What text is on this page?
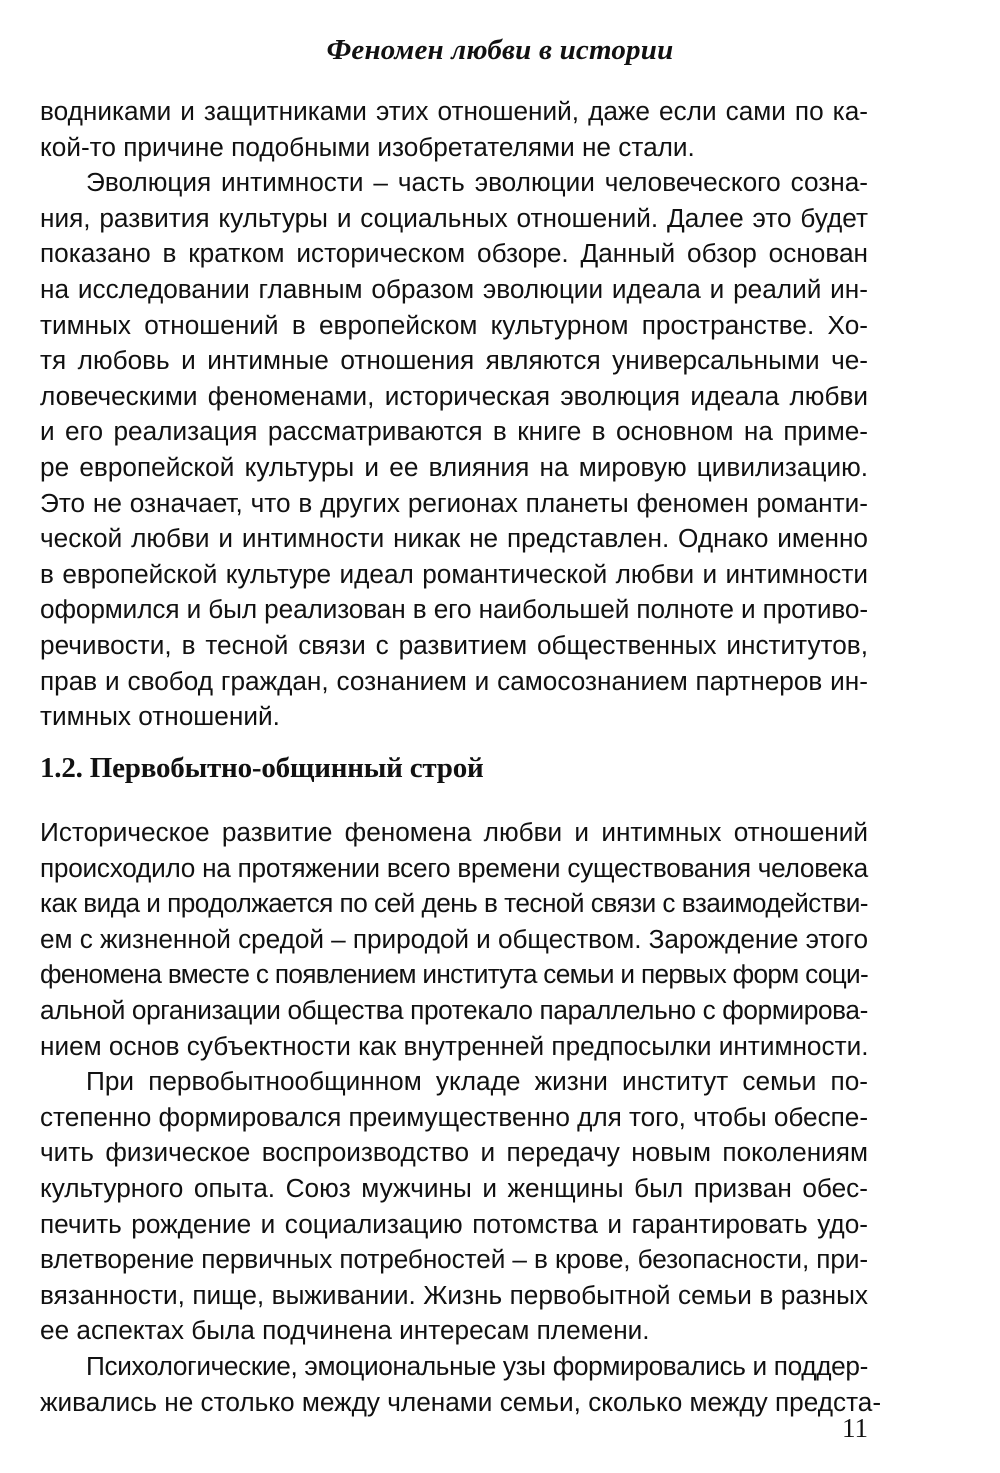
Феномен любви в истории
водниками и защитниками этих отношений, даже если сами по ка-
кой-то причине подобными изобретателями не стали.
Эволюция интимности – часть эволюции человеческого созна-
ния, развития культуры и социальных отношений. Далее это будет
показано в кратком историческом обзоре. Данный обзор основан
на исследовании главным образом эволюции идеала и реалий ин-
тимных отношений в европейском культурном пространстве. Хо-
тя любовь и интимные отношения являются универсальными че-
ловеческими феноменами, историческая эволюция идеала любви
и его реализация рассматриваются в книге в основном на приме-
ре европейской культуры и ее влияния на мировую цивилизацию.
Это не означает, что в других регионах планеты феномен романти-
ческой любви и интимности никак не представлен. Однако именно
в европейской культуре идеал романтической любви и интимности
оформился и был реализован в его наибольшей полноте и противо-
речивости, в тесной связи с развитием общественных институтов,
прав и свобод граждан, сознанием и самосознанием партнеров ин-
тимных отношений.
1.2. Первобытно-общинный строй
Историческое развитие феномена любви и интимных отношений
происходило на протяжении всего времени существования человека
как вида и продолжается по сей день в тесной связи с взаимодействи-
ем с жизненной средой – природой и обществом. Зарождение этого
феномена вместе с появлением института семьи и первых форм соци-
альной организации общества протекало параллельно с формирова-
нием основ субъектности как внутренней предпосылки интимности.
При первобытнообщинном укладе жизни институт семьи по-
степенно формировался преимущественно для того, чтобы обеспе-
чить физическое воспроизводство и передачу новым поколениям
культурного опыта. Союз мужчины и женщины был призван обес-
печить рождение и социализацию потомства и гарантировать удо-
влетворение первичных потребностей – в крове, безопасности, при-
вязанности, пище, выживании. Жизнь первобытной семьи в разных
ее аспектах была подчинена интересам племени.
Психологические, эмоциональные узы формировались и поддер-
живались не столько между членами семьи, сколько между предста-
11
